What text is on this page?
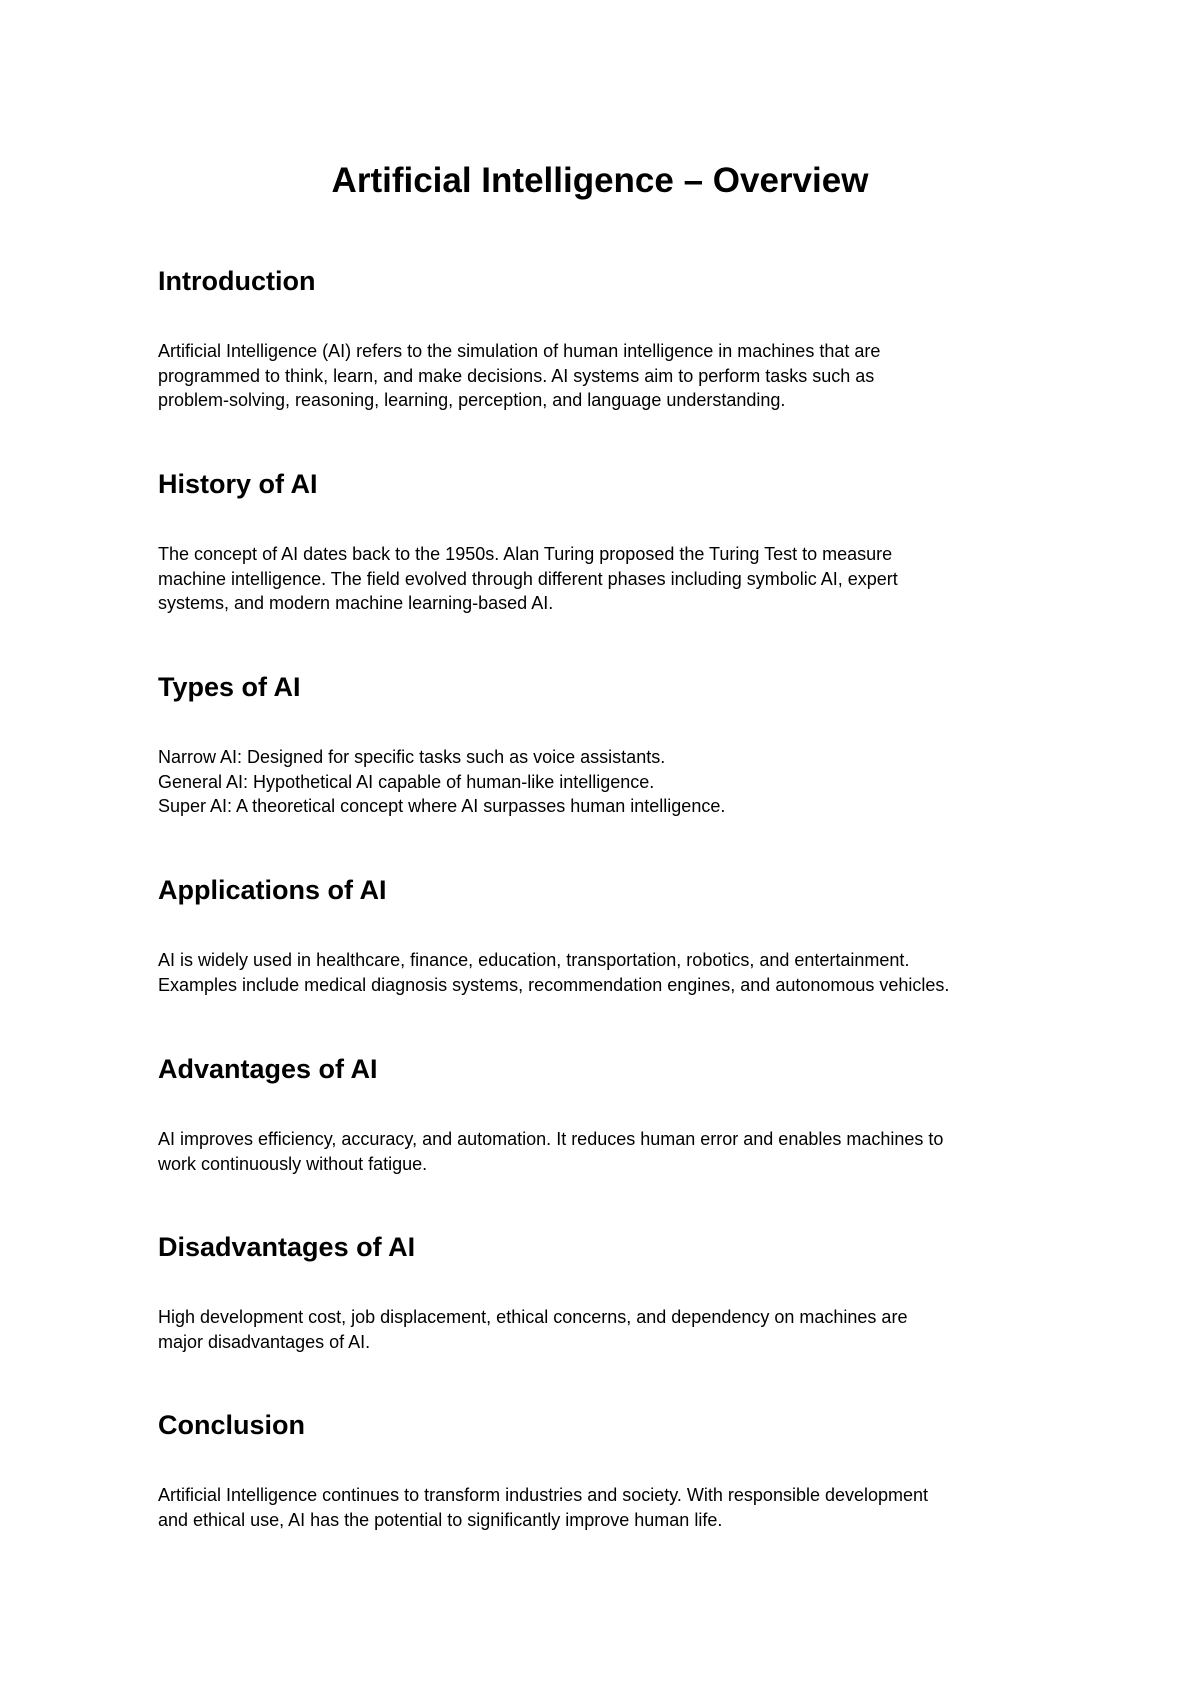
Artificial Intelligence – Overview
Introduction

Artificial Intelligence (AI) refers to the simulation of human intelligence in machines that are

programmed to think, learn, and make decisions. AI systems aim to perform tasks such as

problem-solving, reasoning, learning, perception, and language understanding.

History of AI

The concept of AI dates back to the 1950s. Alan Turing proposed the Turing Test to measure

machine intelligence. The field evolved through different phases including symbolic AI, expert

systems, and modern machine learning-based AI.

Types of AI

Narrow AI: Designed for specific tasks such as voice assistants.

General AI: Hypothetical AI capable of human-like intelligence.

Super AI: A theoretical concept where AI surpasses human intelligence.

Applications of AI

AI is widely used in healthcare, finance, education, transportation, robotics, and entertainment.

Examples include medical diagnosis systems, recommendation engines, and autonomous vehicles.

Advantages of AI

AI improves efficiency, accuracy, and automation. It reduces human error and enables machines to

work continuously without fatigue.

Disadvantages of AI

High development cost, job displacement, ethical concerns, and dependency on machines are

major disadvantages of AI.

Conclusion

Artificial Intelligence continues to transform industries and society. With responsible development

and ethical use, AI has the potential to significantly improve human life.
